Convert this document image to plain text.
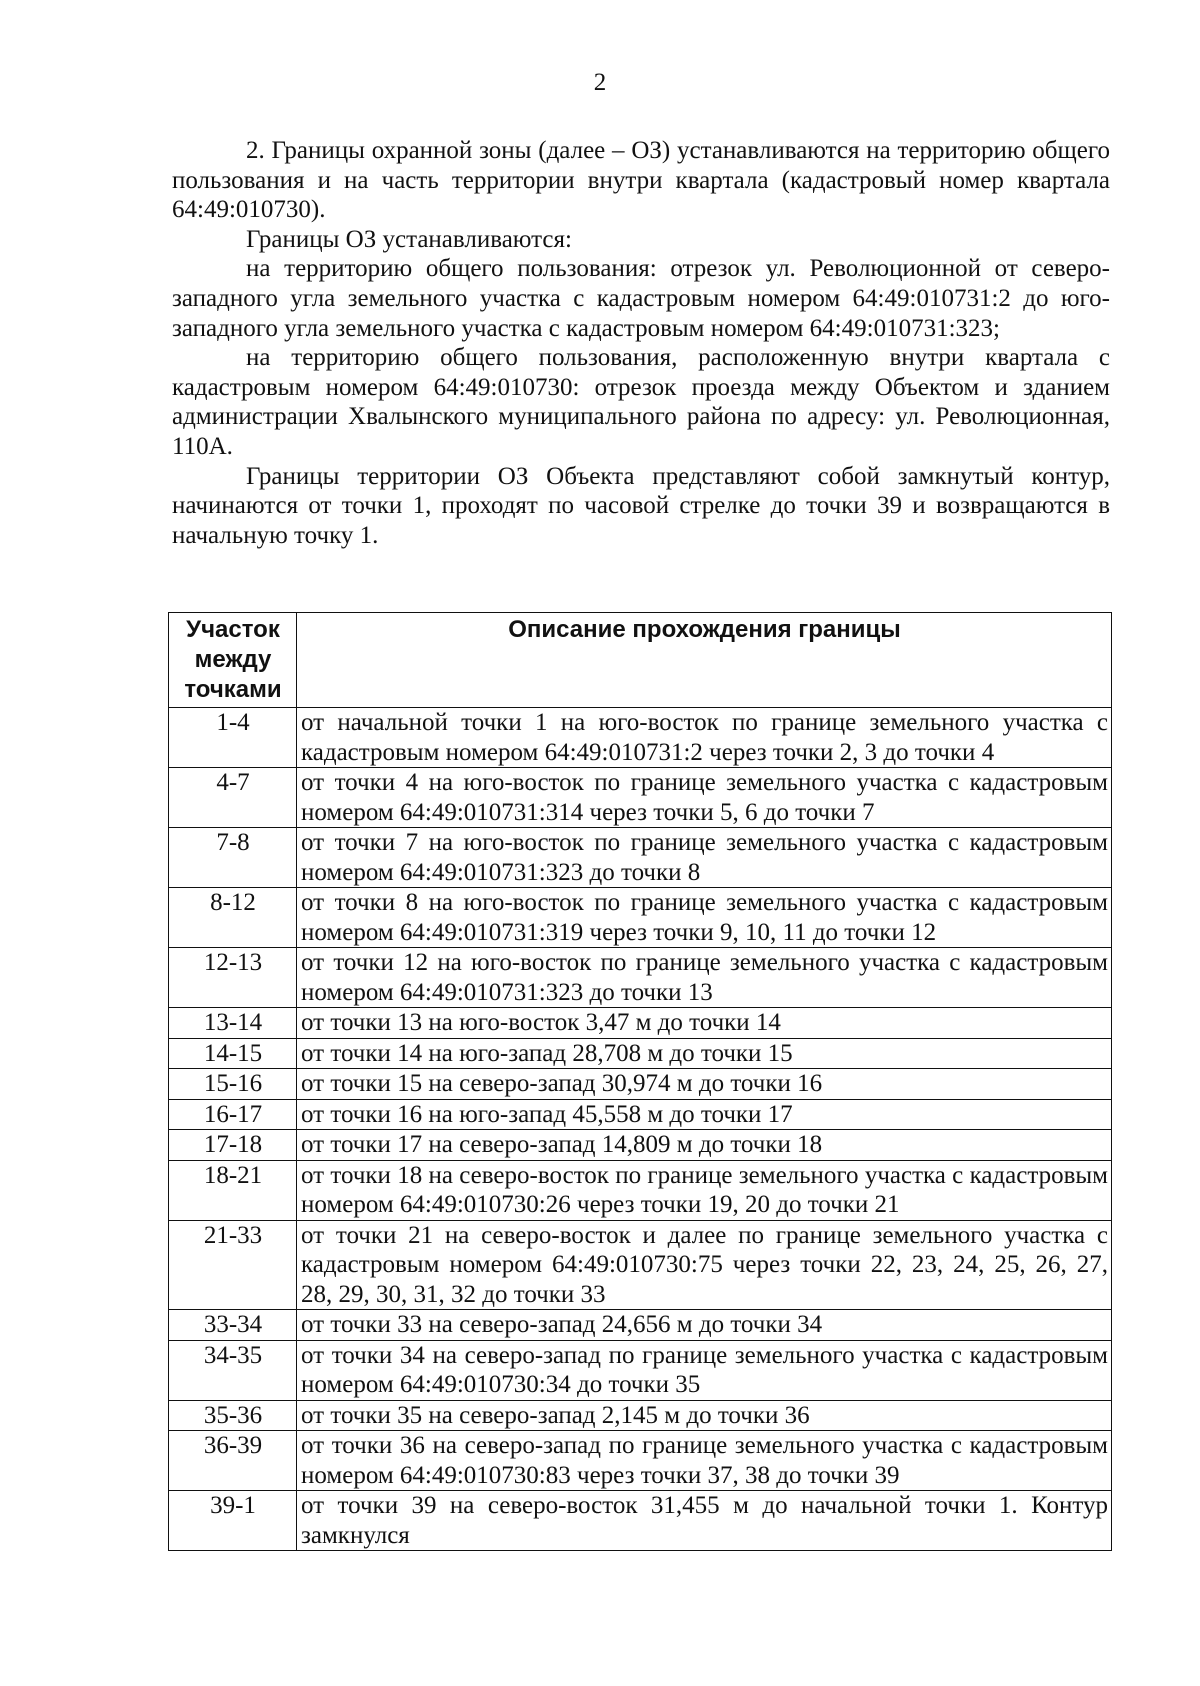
2

2. Границы охранной зоны (далее – ОЗ) устанавливаются на территорию общего пользования и на часть территории внутри квартала (кадастровый номер квартала 64:49:010730).

Границы ОЗ устанавливаются:

на территорию общего пользования: отрезок ул. Революционной от северо-западного угла земельного участка с кадастровым номером 64:49:010731:2 до юго-западного угла земельного участка с кадастровым номером 64:49:010731:323;

на территорию общего пользования, расположенную внутри квартала с кадастровым номером 64:49:010730: отрезок проезда между Объектом и зданием администрации Хвалынского муниципального района по адресу: ул. Революционная, 110А.

Границы территории ОЗ Объекта представляют собой замкнутый контур, начинаются от точки 1, проходят по часовой стрелке до точки 39 и возвращаются в начальную точку 1.

Участок между точками	Описание прохождения границы
1-4	от начальной точки 1 на юго-восток по границе земельного участка с кадастровым номером 64:49:010731:2 через точки 2, 3 до точки 4
4-7	от точки 4 на юго-восток по границе земельного участка с кадастровым номером 64:49:010731:314 через точки 5, 6 до точки 7
7-8	от точки 7 на юго-восток по границе земельного участка с кадастровым номером 64:49:010731:323 до точки 8
8-12	от точки 8 на юго-восток по границе земельного участка с кадастровым номером 64:49:010731:319 через точки 9, 10, 11 до точки 12
12-13	от точки 12 на юго-восток по границе земельного участка с кадастровым номером 64:49:010731:323 до точки 13
13-14	от точки 13 на юго-восток 3,47 м до точки 14
14-15	от точки 14 на юго-запад 28,708 м до точки 15
15-16	от точки 15 на северо-запад 30,974 м до точки 16
16-17	от точки 16 на юго-запад 45,558 м до точки 17
17-18	от точки 17 на северо-запад 14,809 м до точки 18
18-21	от точки 18 на северо-восток по границе земельного участка с кадастровым номером 64:49:010730:26 через точки 19, 20 до точки 21
21-33	от точки 21 на северо-восток и далее по границе земельного участка с кадастровым номером 64:49:010730:75 через точки 22, 23, 24, 25, 26, 27, 28, 29, 30, 31, 32 до точки 33
33-34	от точки 33 на северо-запад 24,656 м до точки 34
34-35	от точки 34 на северо-запад по границе земельного участка с кадастровым номером 64:49:010730:34 до точки 35
35-36	от точки 35 на северо-запад 2,145 м до точки 36
36-39	от точки 36 на северо-запад по границе земельного участка с кадастровым номером 64:49:010730:83 через точки 37, 38 до точки 39
39-1	от точки 39 на северо-восток 31,455 м до начальной точки 1. Контур замкнулся
